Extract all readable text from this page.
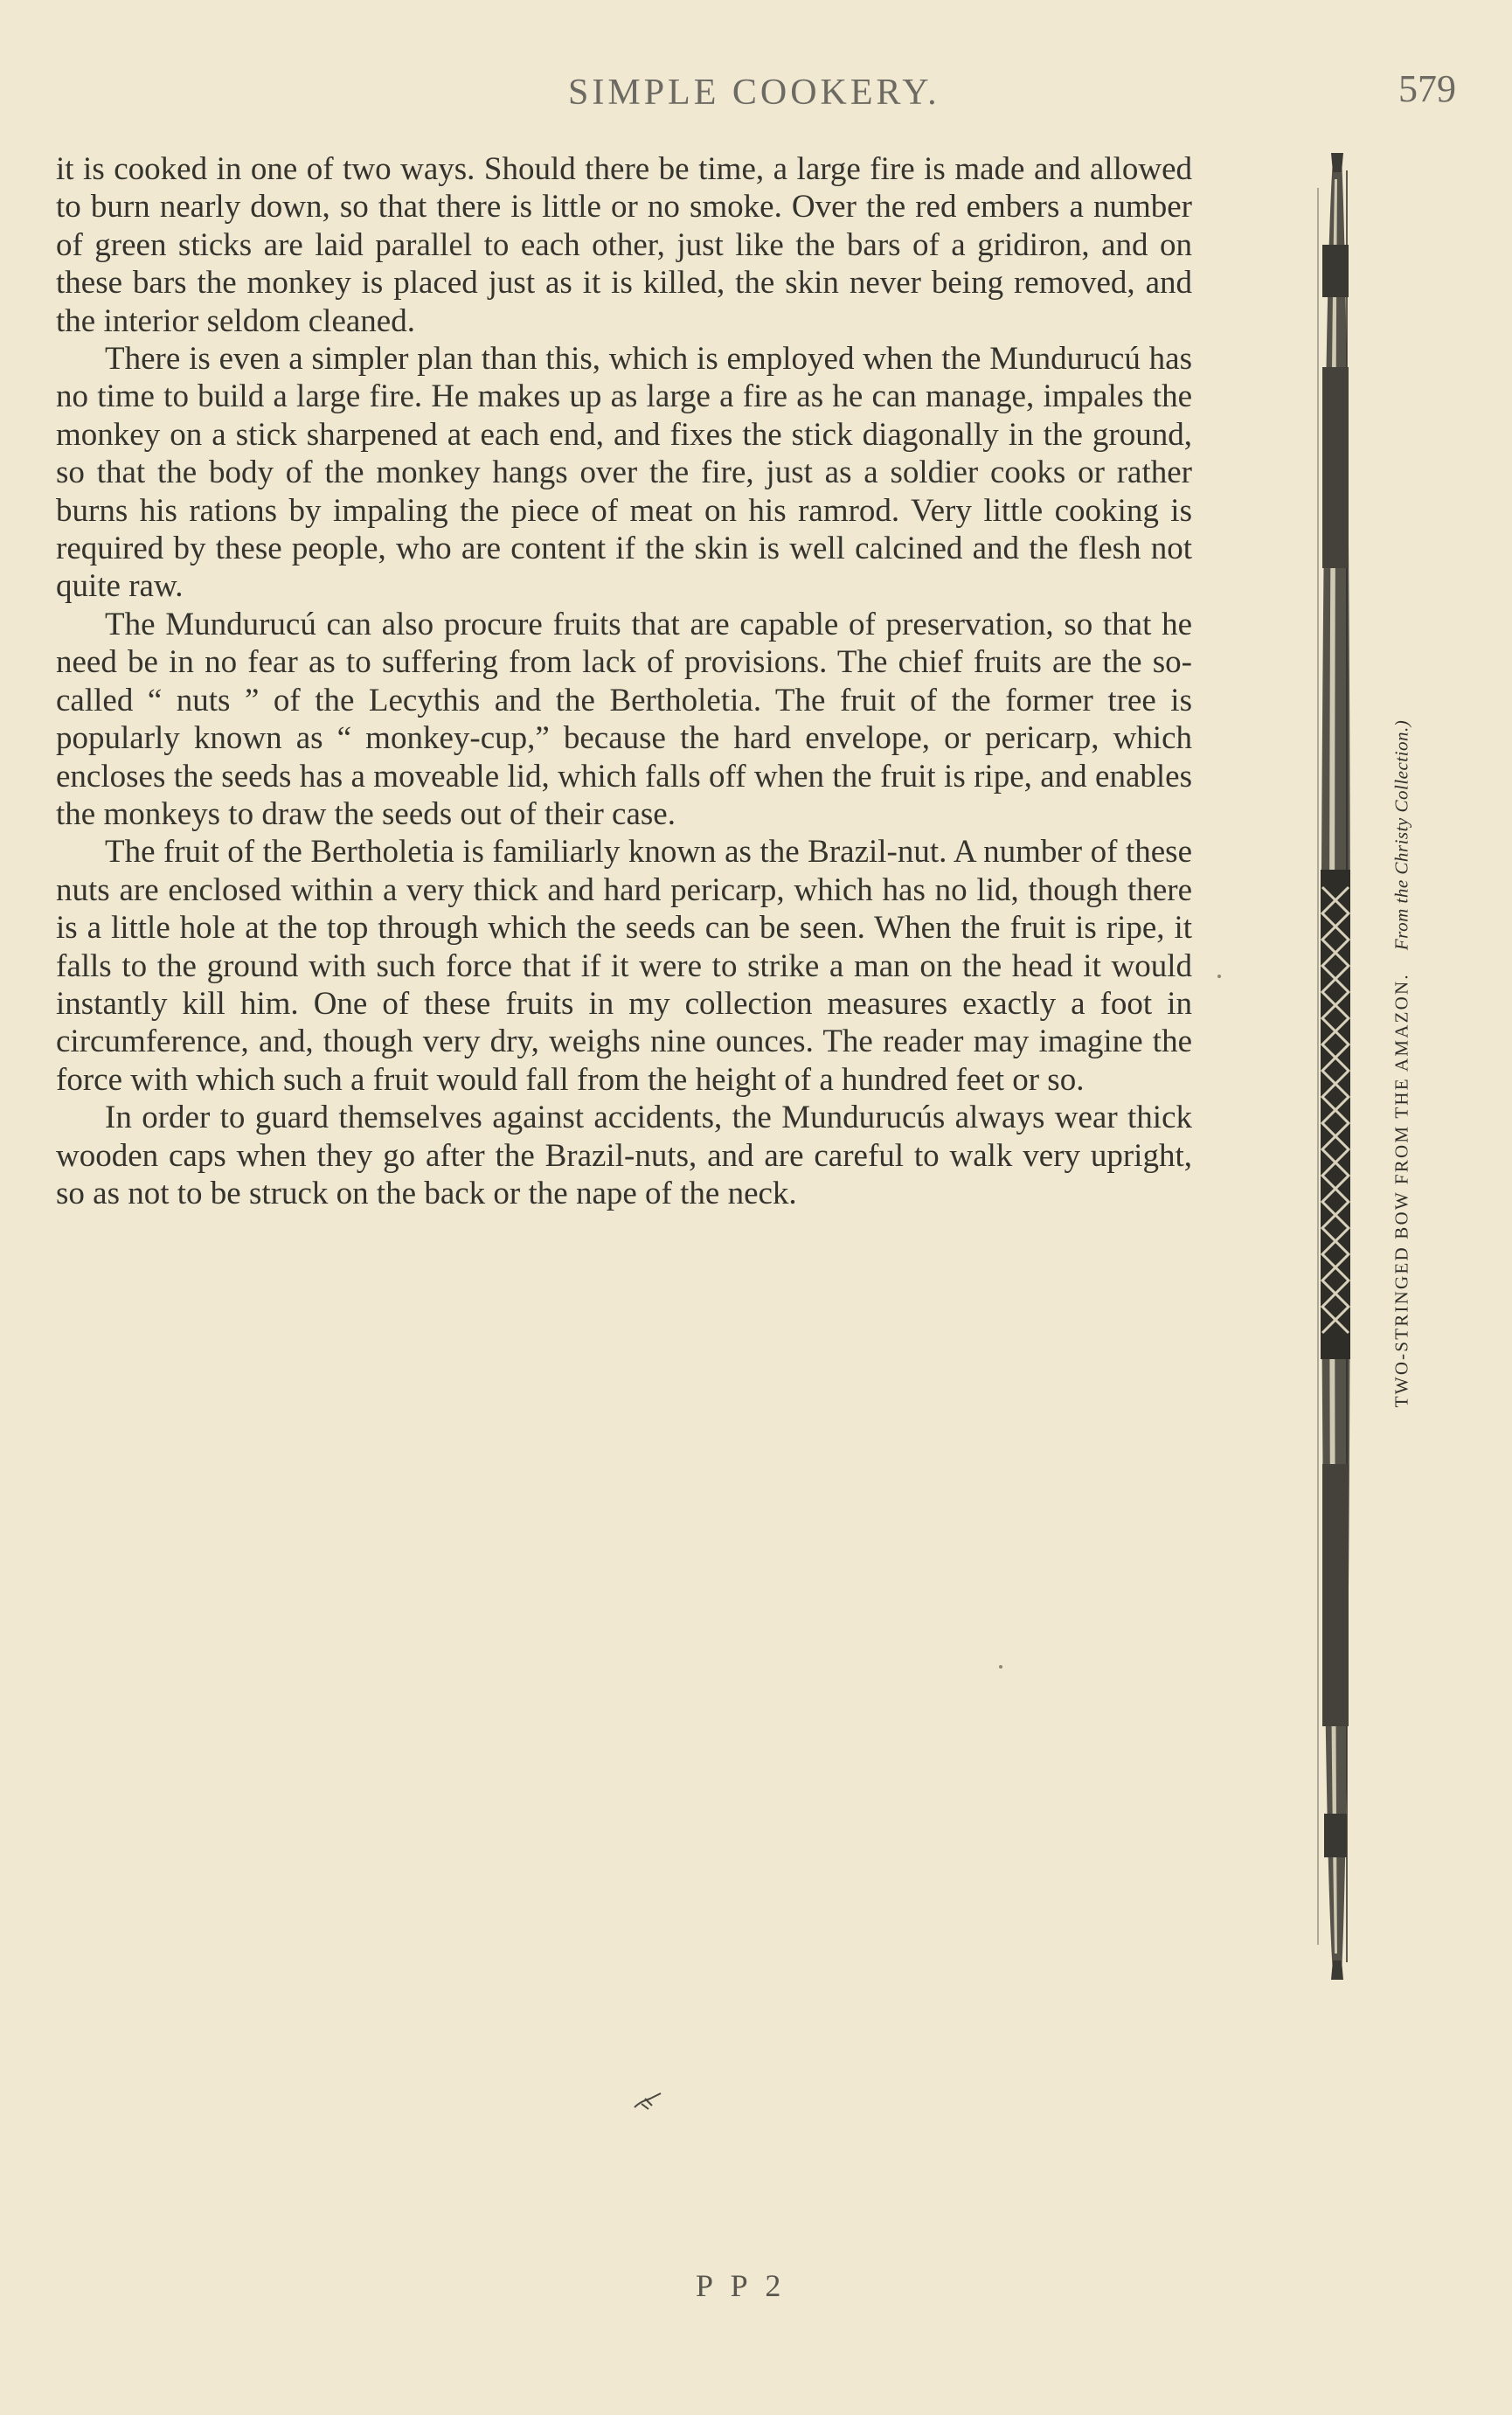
SIMPLE COOKERY.	579

it is cooked in one of two ways. Should there be time, a large fire is made and allowed to burn nearly down, so that there is little or no smoke. Over the red embers a number of green sticks are laid parallel to each other, just like the bars of a gridiron, and on these bars the monkey is placed just as it is killed, the skin never being removed, and the interior seldom cleaned.

There is even a simpler plan than this, which is employed when the Mundurucú has no time to build a large fire. He makes up as large a fire as he can manage, impales the monkey on a stick sharpened at each end, and fixes the stick diagonally in the ground, so that the body of the monkey hangs over the fire, just as a soldier cooks or rather burns his rations by impaling the piece of meat on his ramrod. Very little cooking is required by these people, who are content if the skin is well calcined and the flesh not quite raw.

The Mundurucú can also procure fruits that are capable of preservation, so that he need be in no fear as to suffering from lack of provisions. The chief fruits are the so-called “ nuts ” of the Lecythis and the Bertholetia. The fruit of the former tree is popularly known as “ monkey-cup,” because the hard envelope, or pericarp, which encloses the seeds has a moveable lid, which falls off when the fruit is ripe, and enables the monkeys to draw the seeds out of their case.

The fruit of the Bertholetia is familiarly known as the Brazil-nut. A number of these nuts are enclosed within a very thick and hard pericarp, which has no lid, though there is a little hole at the top through which the seeds can be seen. When the fruit is ripe, it falls to the ground with such force that if it were to strike a man on the head it would instantly kill him. One of these fruits in my collection measures exactly a foot in circumference, and, though very dry, weighs nine ounces. The reader may imagine the force with which such a fruit would fall from the height of a hundred feet or so.

In order to guard themselves against accidents, the Mundurucús always wear thick wooden caps when they go after the Brazil-nuts, and are careful to walk very upright, so as not to be struck on the back or the nape of the neck.	TWO-STRINGED BOW FROM THE AMAZON.From the Christy Collection.)
P P 2
